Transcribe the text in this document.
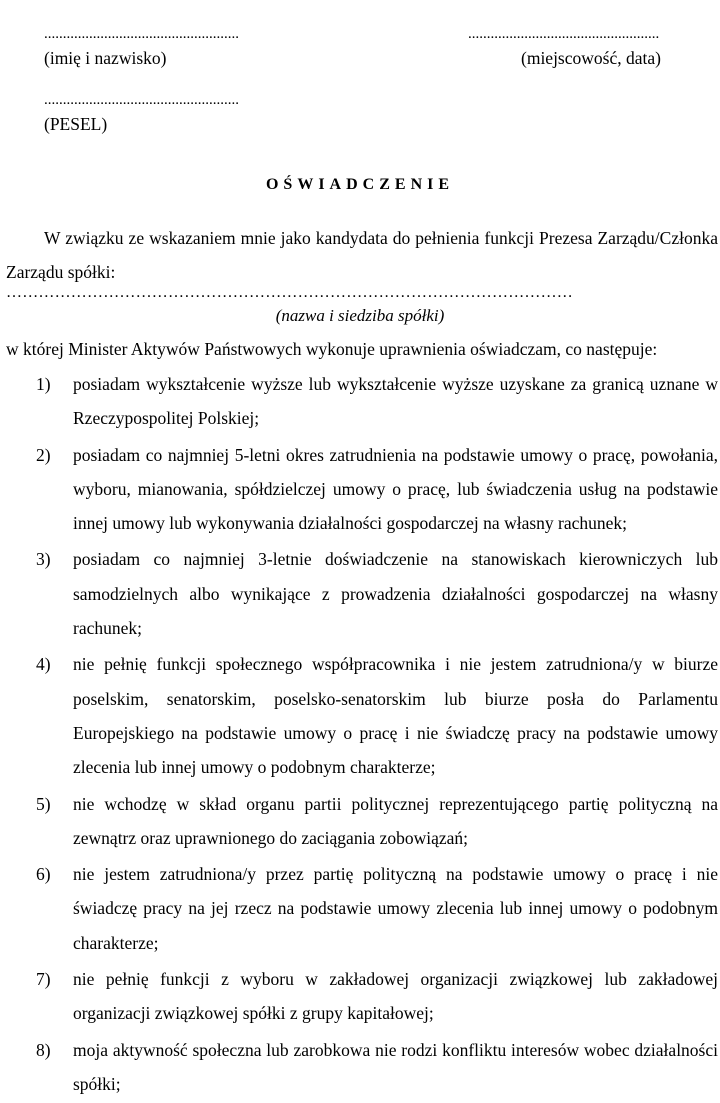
....................................................
(imię i nazwisko)
...................................................
(miejscowość, data)
....................................................
(PESEL)
OŚWIADCZENIE
W związku ze wskazaniem mnie jako kandydata do pełnienia funkcji Prezesa Zarządu/Członka Zarządu spółki:
……………………………………………………………………………………………
(nazwa i siedziba spółki)
w której Minister Aktywów Państwowych wykonuje uprawnienia oświadczam, co następuje:
1) posiadam wykształcenie wyższe lub wykształcenie wyższe uzyskane za granicą uznane w Rzeczypospolitej Polskiej;
2) posiadam co najmniej 5-letni okres zatrudnienia na podstawie umowy o pracę, powołania, wyboru, mianowania, spółdzielczej umowy o pracę, lub świadczenia usług na podstawie innej umowy lub wykonywania działalności gospodarczej na własny rachunek;
3) posiadam co najmniej 3-letnie doświadczenie na stanowiskach kierowniczych lub samodzielnych albo wynikające z prowadzenia działalności gospodarczej na własny rachunek;
4) nie pełnię funkcji społecznego współpracownika i nie jestem zatrudniona/y w biurze poselskim, senatorskim, poselsko-senatorskim lub biurze posła do Parlamentu Europejskiego na podstawie umowy o pracę i nie świadczę pracy na podstawie umowy zlecenia lub innej umowy o podobnym charakterze;
5) nie wchodzę w skład organu partii politycznej reprezentującego partię polityczną na zewnątrz oraz uprawnionego do zaciągania zobowiązań;
6) nie jestem zatrudniona/y przez partię polityczną na podstawie umowy o pracę i nie świadczę pracy na jej rzecz na podstawie umowy zlecenia lub innej umowy o podobnym charakterze;
7) nie pełnię funkcji z wyboru w zakładowej organizacji związkowej lub zakładowej organizacji związkowej spółki z grupy kapitałowej;
8) moja aktywność społeczna lub zarobkowa nie rodzi konfliktu interesów wobec działalności spółki;
